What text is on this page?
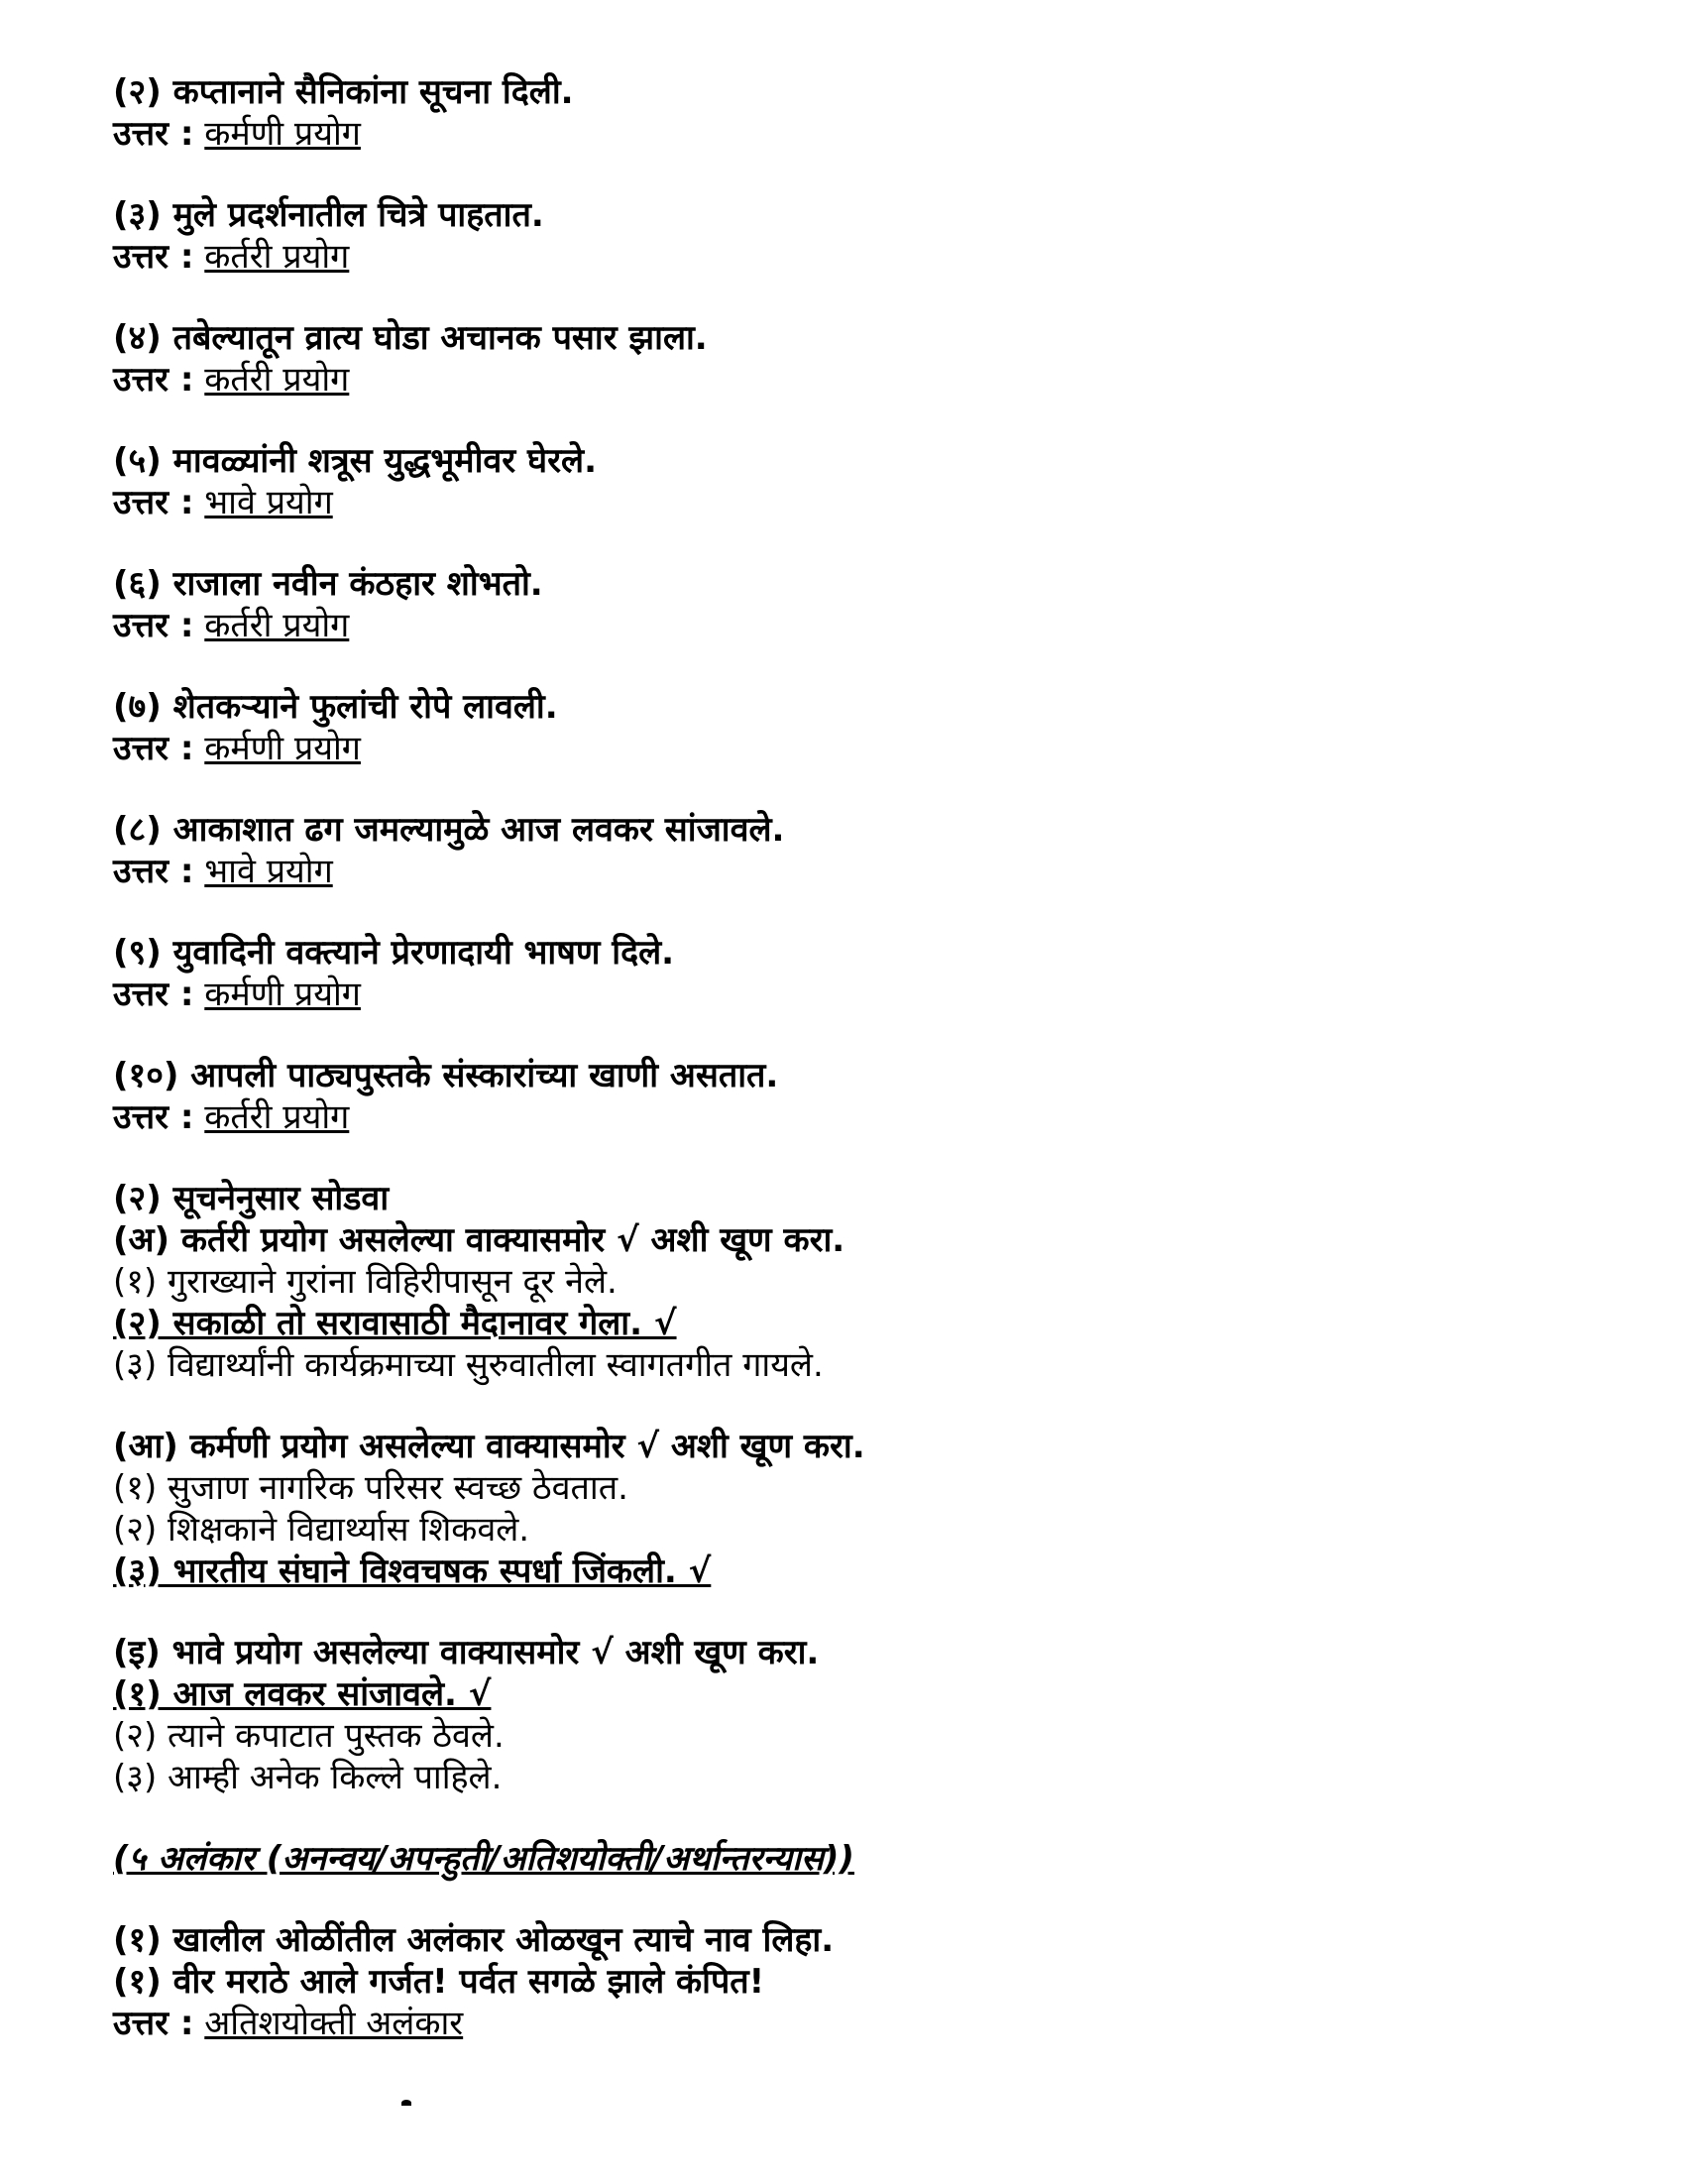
(२) कप्तानाने सैनिकांना सूचना दिली.
उत्तर : कर्मणी प्रयोग
(३) मुले प्रदर्शनातील चित्रे पाहतात.
उत्तर : कर्तरी प्रयोग
(४) तबेल्यातून व्रात्य घोडा अचानक पसार झाला.
उत्तर : कर्तरी प्रयोग
(५) मावळ्यांनी शत्रूस युद्धभूमीवर घेरले.
उत्तर : भावे प्रयोग
(६) राजाला नवीन कंठहार शोभतो.
उत्तर : कर्तरी प्रयोग
(७) शेतकऱ्याने फुलांची रोपे लावली.
उत्तर : कर्मणी प्रयोग
(८) आकाशात ढग जमल्यामुळे आज लवकर सांजावले.
उत्तर : भावे प्रयोग
(९) युवादिनी वक्त्याने प्रेरणादायी भाषण दिले.
उत्तर : कर्मणी प्रयोग
(१०) आपली पाठ्यपुस्तके संस्कारांच्या खाणी असतात.
उत्तर : कर्तरी प्रयोग
(२) सूचनेनुसार सोडवा
(अ) कर्तरी प्रयोग असलेल्या वाक्यासमोर √ अशी खूण करा.
(१) गुराख्याने गुरांना विहिरीपासून दूर नेले.
(२) सकाळी तो सरावासाठी मैदानावर गेला. √
(३) विद्यार्थ्यांनी कार्यक्रमाच्या सुरुवातीला स्वागतगीत गायले.
(आ) कर्मणी प्रयोग असलेल्या वाक्यासमोर √ अशी खूण करा.
(१) सुजाण नागरिक परिसर स्वच्छ ठेवतात.
(२) शिक्षकाने विद्यार्थ्यास शिकवले.
(३) भारतीय संघाने विश्वचषक स्पर्धा जिंकली. √
(इ) भावे प्रयोग असलेल्या वाक्यासमोर √ अशी खूण करा.
(१) आज लवकर सांजावले. √
(२) त्याने कपाटात पुस्तक ठेवले.
(३) आम्ही अनेक किल्ले पाहिले.
(५ अलंकार (अनन्वय/अपन्हुती/अतिशयोक्ती/अर्थान्तरन्यास))
(१) खालील ओळींतील अलंकार ओळखून त्याचे नाव लिहा.
(१) वीर मराठे आले गर्जत! पर्वत सगळे झाले कंपित!
उत्तर : अतिशयोक्ती अलंकार
